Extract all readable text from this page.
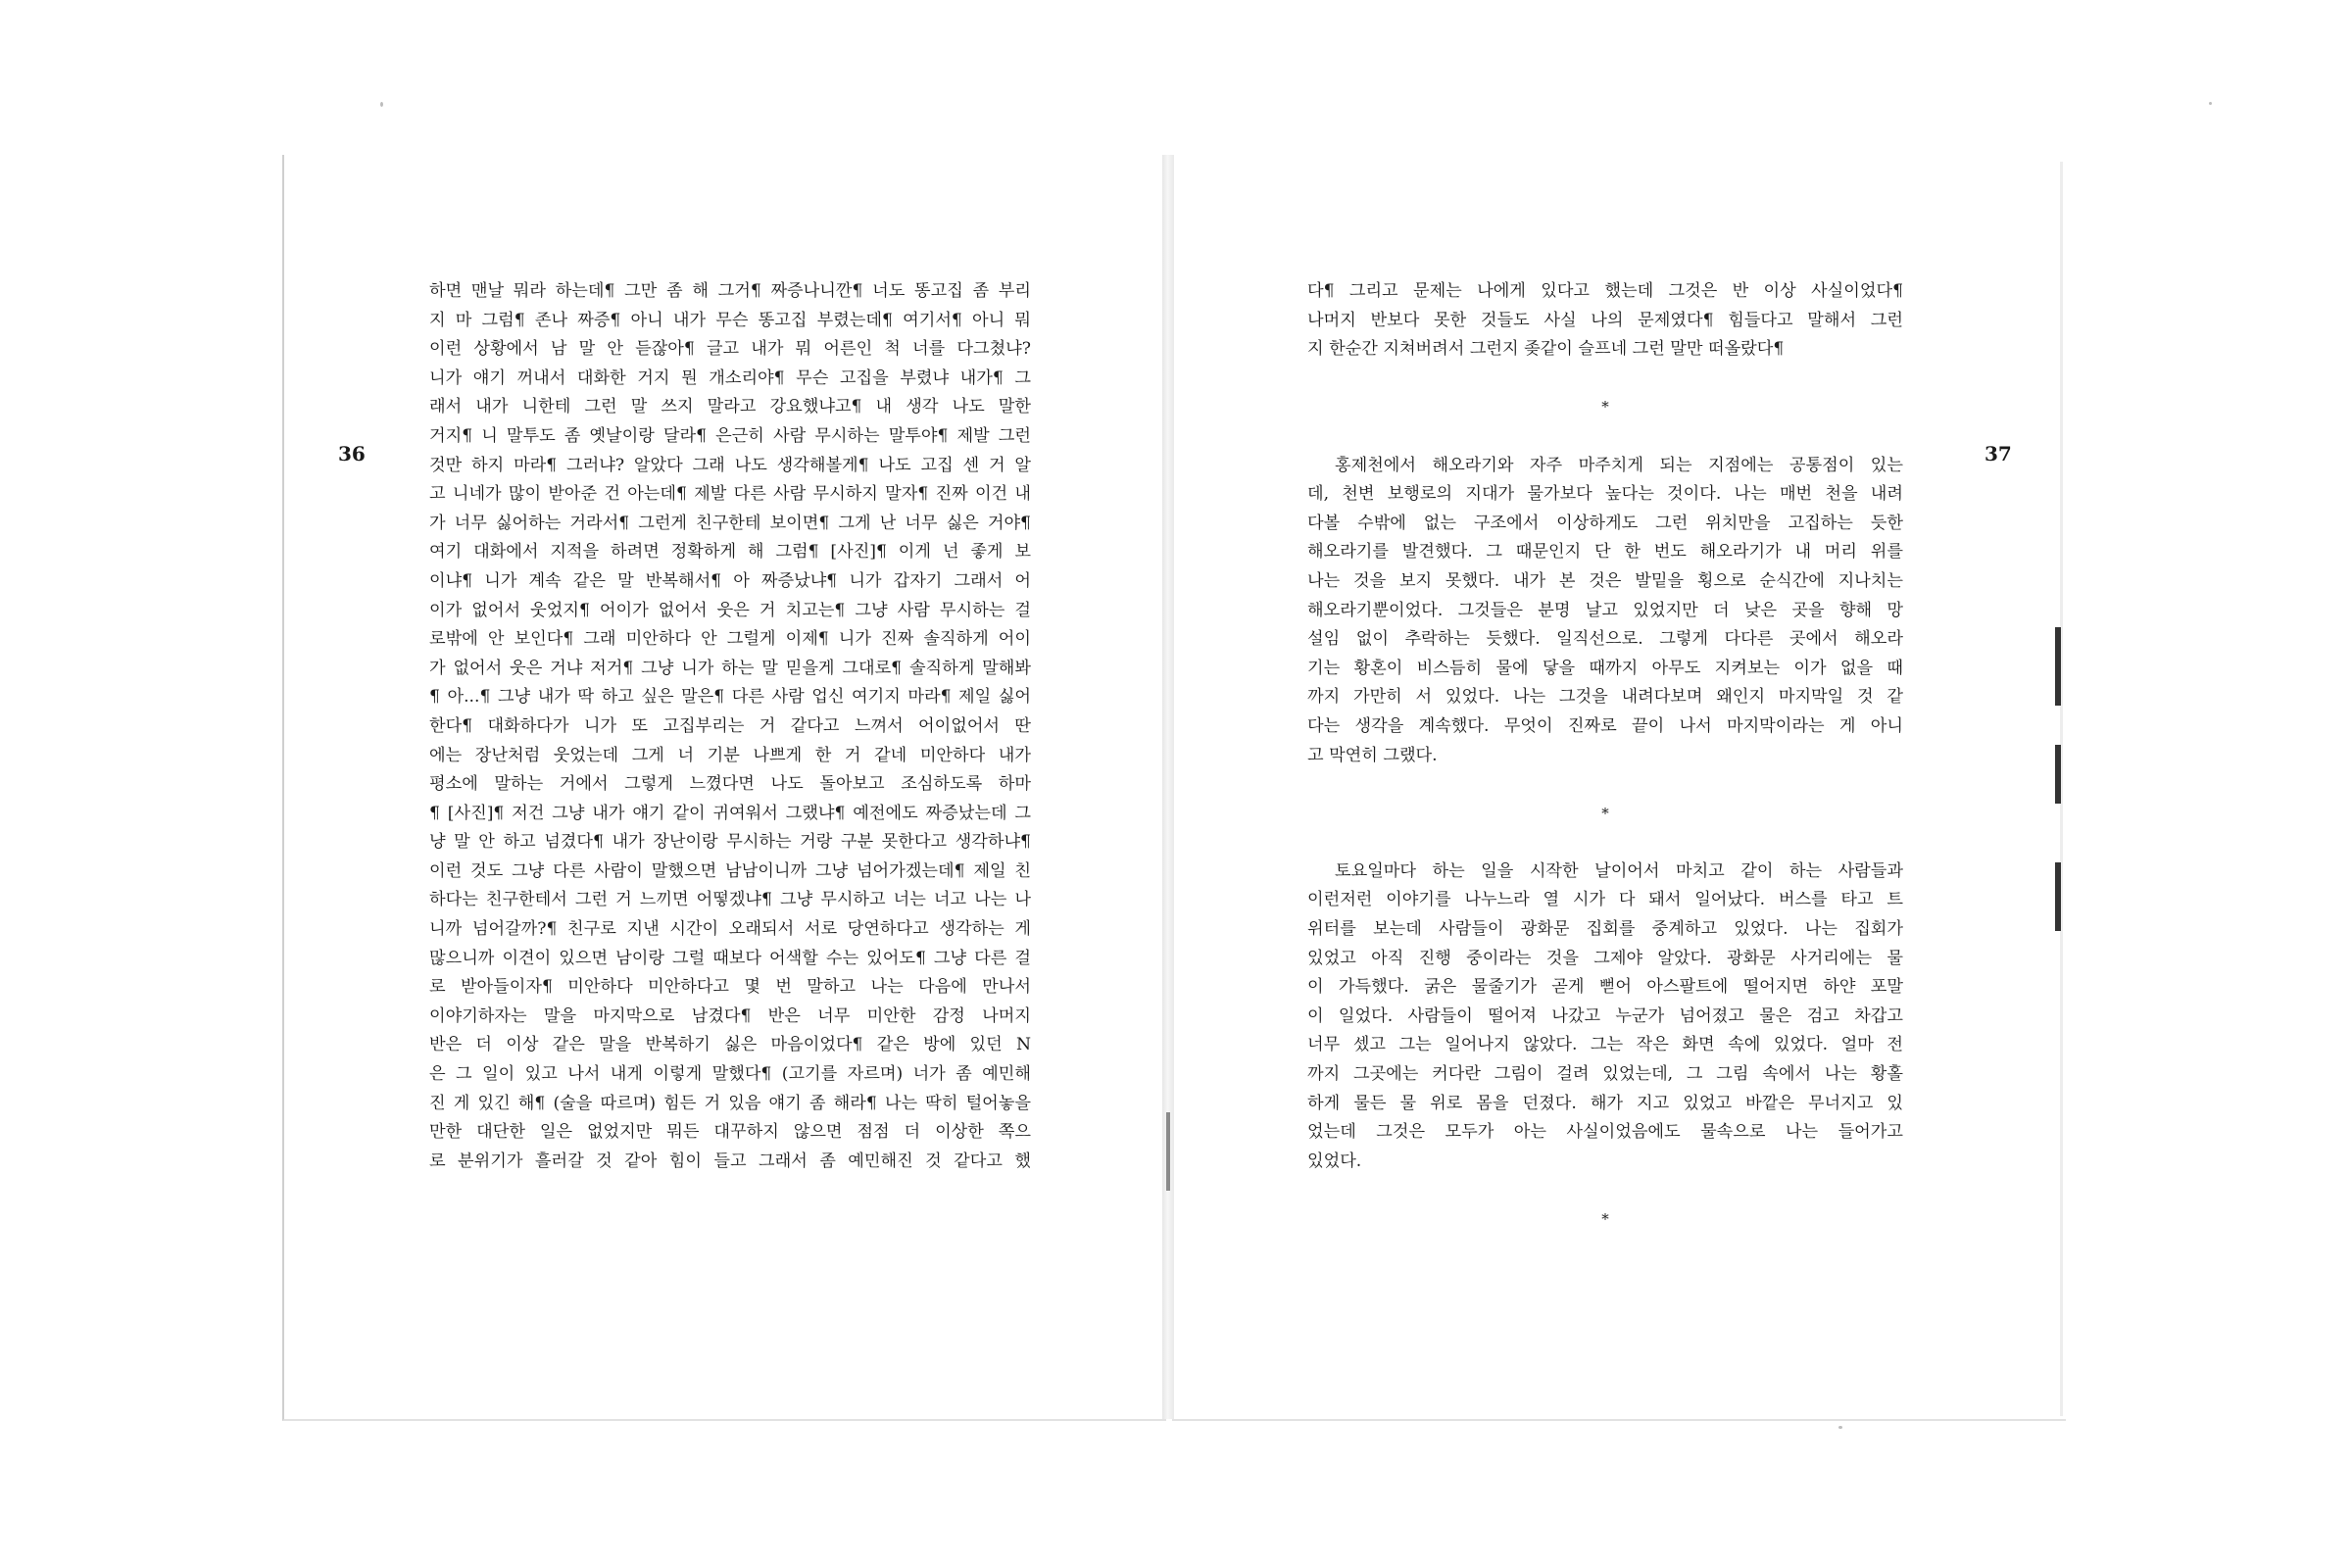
36	37
하면 맨날 뭐라 하는데¶ 그만 좀 해 그거¶ 짜증나니깐¶ 너도 똥고집 좀 부리
지 마 그럼¶ 존나 짜증¶ 아니 내가 무슨 똥고집 부렸는데¶ 여기서¶ 아니 뭐
이런 상황에서 남 말 안 듣잖아¶ 글고 내가 뭐 어른인 척 너를 다그쳤냐?
니가 얘기 꺼내서 대화한 거지 뭔 개소리야¶ 무슨 고집을 부렸냐 내가¶ 그
래서 내가 니한테 그런 말 쓰지 말라고 강요했냐고¶ 내 생각 나도 말한
거지¶ 니 말투도 좀 옛날이랑 달라¶ 은근히 사람 무시하는 말투야¶ 제발 그런
것만 하지 마라¶ 그러냐? 알았다 그래 나도 생각해볼게¶ 나도 고집 센 거 알
고 니네가 많이 받아준 건 아는데¶ 제발 다른 사람 무시하지 말자¶ 진짜 이건 내
가 너무 싫어하는 거라서¶ 그런게 친구한테 보이면¶ 그게 난 너무 싫은 거야¶
여기 대화에서 지적을 하려면 정확하게 해 그럼¶ [사진]¶ 이게 넌 좋게 보
이냐¶ 니가 계속 같은 말 반복해서¶ 아 짜증났냐¶ 니가 갑자기 그래서 어
이가 없어서 웃었지¶ 어이가 없어서 웃은 거 치고는¶ 그냥 사람 무시하는 걸
로밖에 안 보인다¶ 그래 미안하다 안 그럴게 이제¶ 니가 진짜 솔직하게 어이
가 없어서 웃은 거냐 저거¶ 그냥 니가 하는 말 믿을게 그대로¶ 솔직하게 말해봐
¶ 아...¶ 그냥 내가 딱 하고 싶은 말은¶ 다른 사람 업신 여기지 마라¶ 제일 싫어
한다¶ 대화하다가 니가 또 고집부리는 거 같다고 느껴서 어이없어서 딴
에는 장난처럼 웃었는데 그게 너 기분 나쁘게 한 거 같네 미안하다 내가
평소에 말하는 거에서 그렇게 느꼈다면 나도 돌아보고 조심하도록 하마
¶ [사진]¶ 저건 그냥 내가 얘기 같이 귀여워서 그랬냐¶ 예전에도 짜증났는데 그
냥 말 안 하고 넘겼다¶ 내가 장난이랑 무시하는 거랑 구분 못한다고 생각하냐¶
이런 것도 그냥 다른 사람이 말했으면 남남이니까 그냥 넘어가겠는데¶ 제일 친
하다는 친구한테서 그런 거 느끼면 어떻겠냐¶ 그냥 무시하고 너는 너고 나는 나
니까 넘어갈까?¶ 친구로 지낸 시간이 오래되서 서로 당연하다고 생각하는 게
많으니까 이견이 있으면 남이랑 그럴 때보다 어색할 수는 있어도¶ 그냥 다른 걸
로 받아들이자¶ 미안하다 미안하다고 몇 번 말하고 나는 다음에 만나서
이야기하자는 말을 마지막으로 남겼다¶ 반은 너무 미안한 감정 나머지
반은 더 이상 같은 말을 반복하기 싫은 마음이었다¶ 같은 방에 있던 N
은 그 일이 있고 나서 내게 이렇게 말했다¶ (고기를 자르며) 너가 좀 예민해
진 게 있긴 해¶ (술을 따르며) 힘든 거 있음 얘기 좀 해라¶ 나는 딱히 털어놓을
만한 대단한 일은 없었지만 뭐든 대꾸하지 않으면 점점 더 이상한 쪽으
로 분위기가 흘러갈 것 같아 힘이 들고 그래서 좀 예민해진 것 같다고 했
다¶ 그리고 문제는 나에게 있다고 했는데 그것은 반 이상 사실이었다¶
나머지 반보다 못한 것들도 사실 나의 문제였다¶ 힘들다고 말해서 그런
지 한순간 지쳐버려서 그런지 좆같이 슬프네 그런 말만 떠올랐다¶
*
홍제천에서 해오라기와 자주 마주치게 되는 지점에는 공통점이 있는
데, 천변 보행로의 지대가 물가보다 높다는 것이다. 나는 매번 천을 내려
다볼 수밖에 없는 구조에서 이상하게도 그런 위치만을 고집하는 듯한
해오라기를 발견했다. 그 때문인지 단 한 번도 해오라기가 내 머리 위를
나는 것을 보지 못했다. 내가 본 것은 발밑을 횡으로 순식간에 지나치는
해오라기뿐이었다. 그것들은 분명 날고 있었지만 더 낮은 곳을 향해 망
설임 없이 추락하는 듯했다. 일직선으로. 그렇게 다다른 곳에서 해오라
기는 황혼이 비스듬히 물에 닿을 때까지 아무도 지켜보는 이가 없을 때
까지 가만히 서 있었다. 나는 그것을 내려다보며 왜인지 마지막일 것 같
다는 생각을 계속했다. 무엇이 진짜로 끝이 나서 마지막이라는 게 아니
고 막연히 그랬다.
*
토요일마다 하는 일을 시작한 날이어서 마치고 같이 하는 사람들과
이런저런 이야기를 나누느라 열 시가 다 돼서 일어났다. 버스를 타고 트
위터를 보는데 사람들이 광화문 집회를 중계하고 있었다. 나는 집회가
있었고 아직 진행 중이라는 것을 그제야 알았다. 광화문 사거리에는 물
이 가득했다. 굵은 물줄기가 곧게 뻗어 아스팔트에 떨어지면 하얀 포말
이 일었다. 사람들이 떨어져 나갔고 누군가 넘어졌고 물은 검고 차갑고
너무 셌고 그는 일어나지 않았다. 그는 작은 화면 속에 있었다. 얼마 전
까지 그곳에는 커다란 그림이 걸려 있었는데, 그 그림 속에서 나는 황홀
하게 물든 물 위로 몸을 던졌다. 해가 지고 있었고 바깥은 무너지고 있
었는데 그것은 모두가 아는 사실이었음에도 물속으로 나는 들어가고
있었다.
*
